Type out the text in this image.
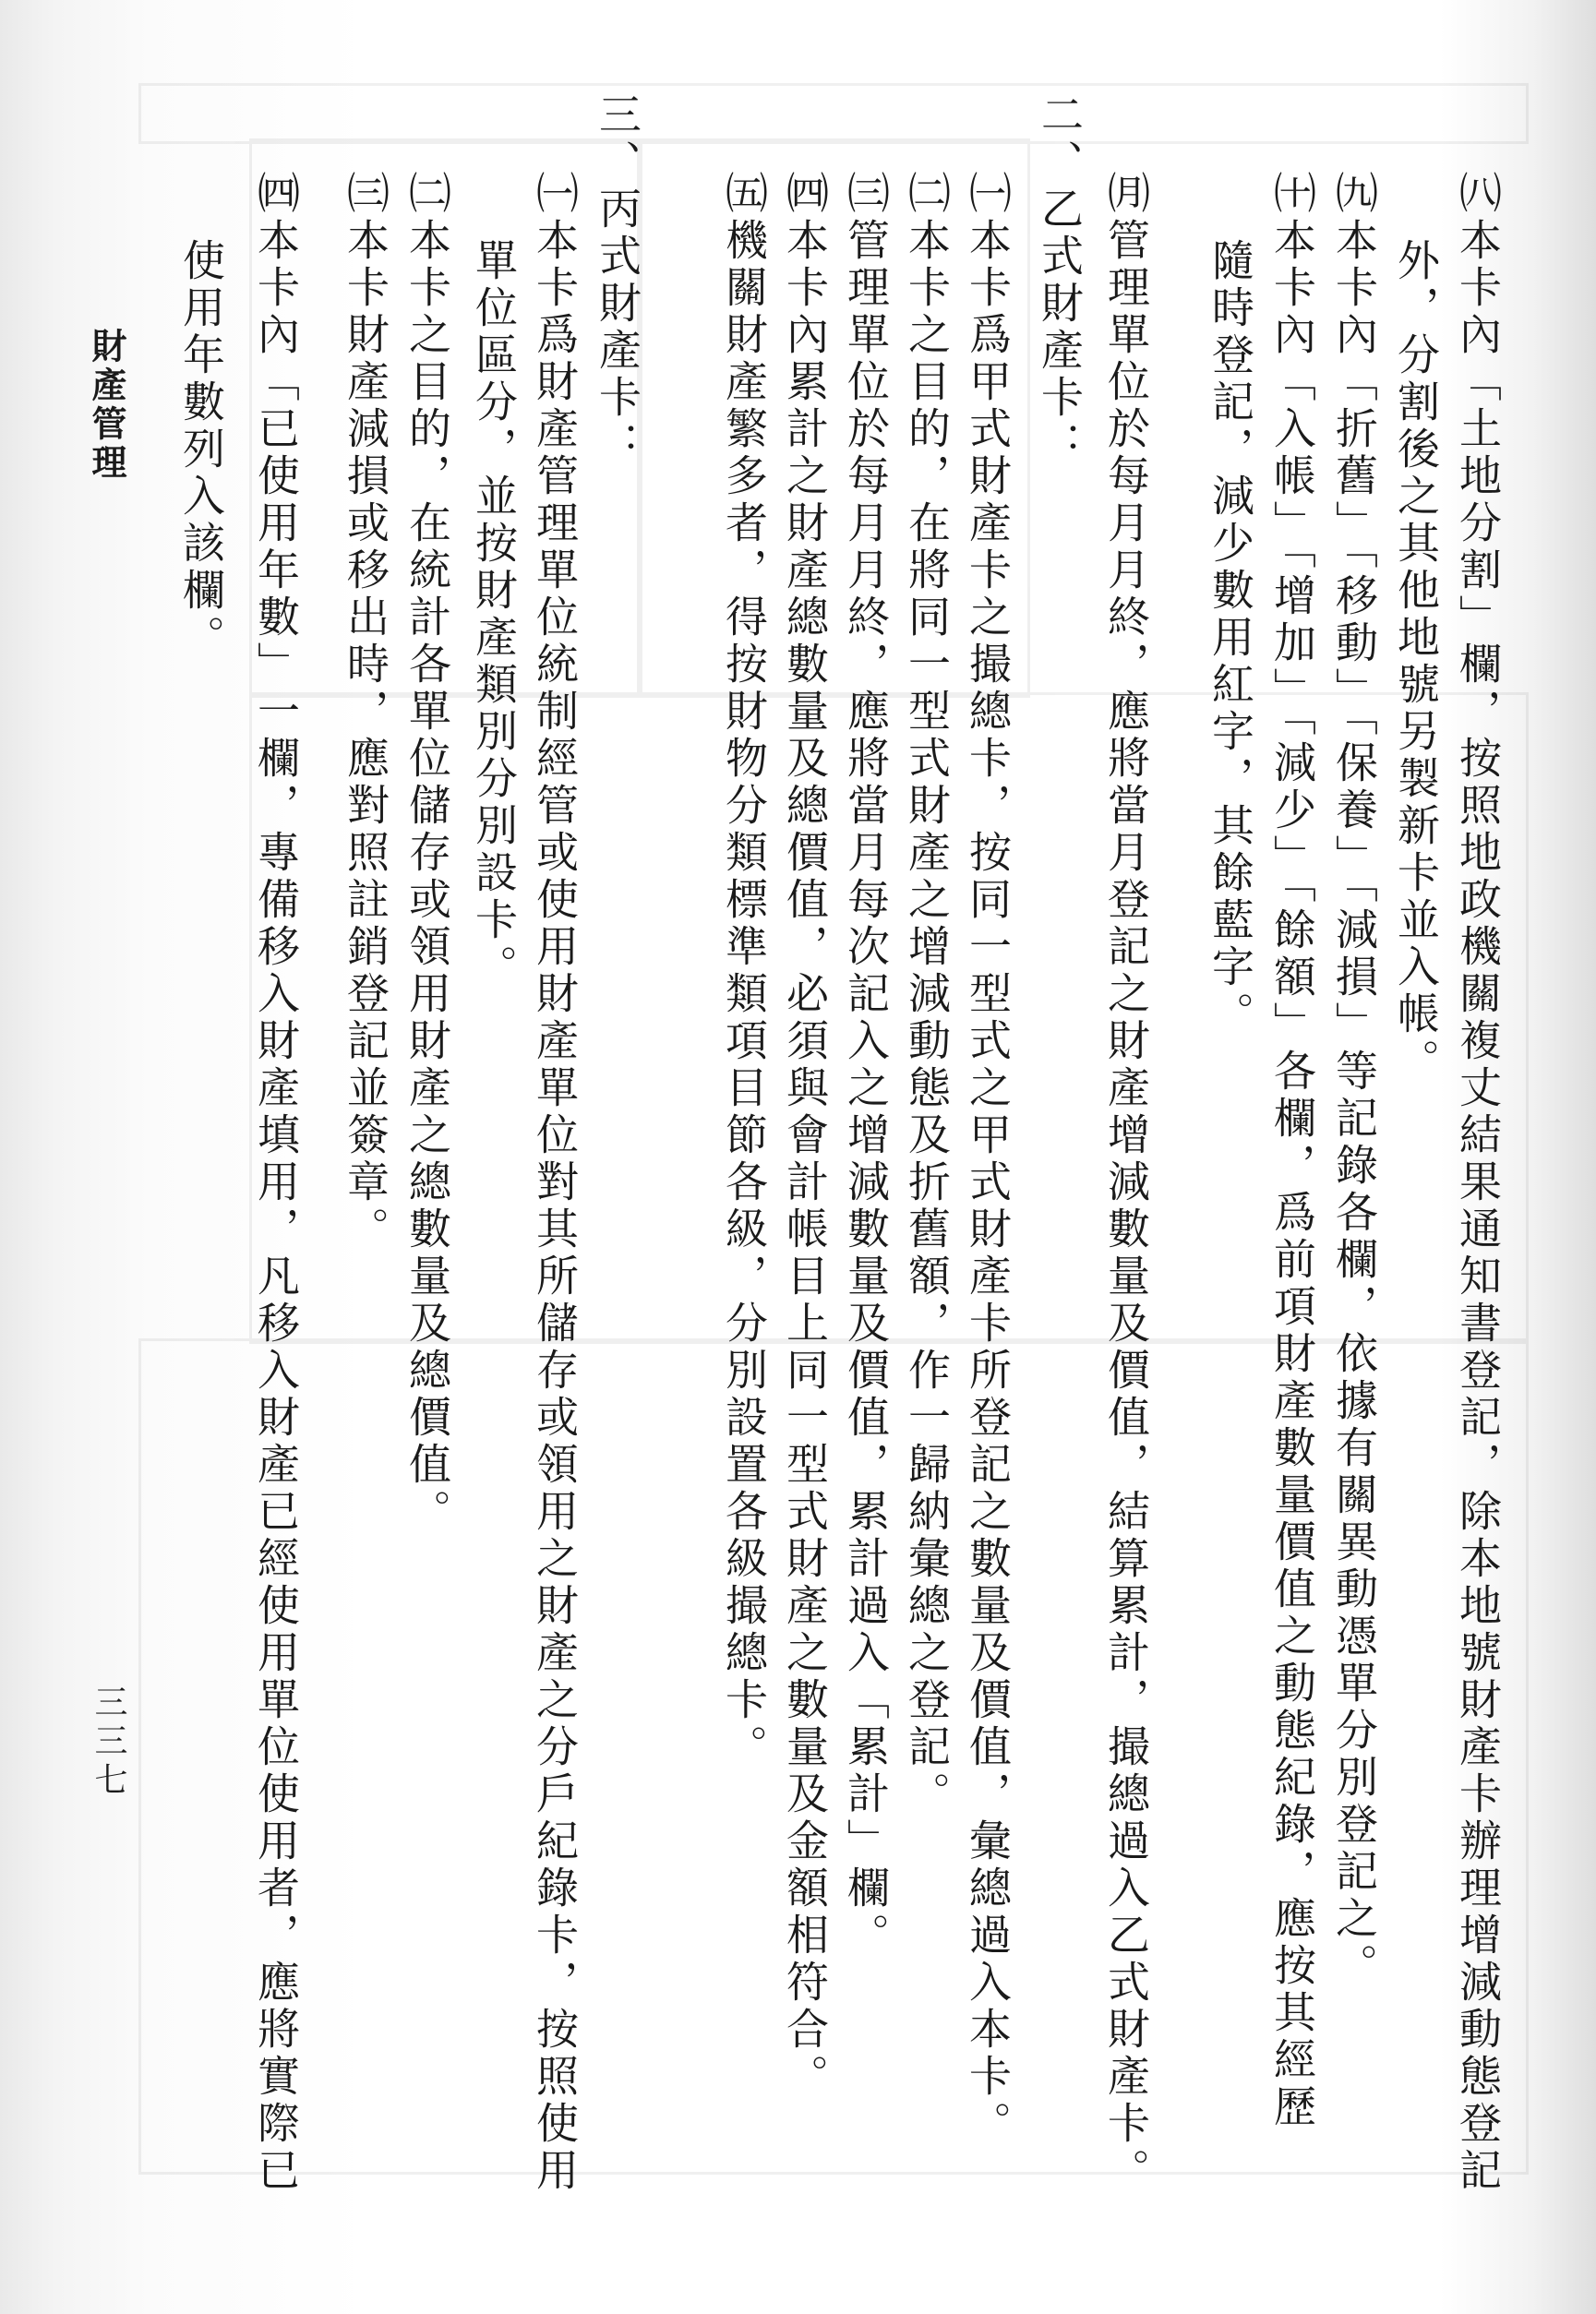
㈧本卡內「土地分割」欄，按照地政機關複丈結果通知書登記，除本地號財產卡辦理增減動態登記
外，分割後之其他地號另製新卡並入帳。
㈨本卡內「折舊」「移動」「保養」「減損」等記錄各欄，依據有關異動憑單分別登記之。
㈩本卡內「入帳」「增加」「減少」「餘額」各欄，爲前項財產數量價值之動態紀錄，應按其經歷
隨時登記，減少數用紅字，其餘藍字。
㈪管理單位於每月月終，應將當月登記之財產增減數量及價值，結算累計，撮總過入乙式財產卡。
二、乙式財產卡：
㈠本卡爲甲式財產卡之撮總卡，按同一型式之甲式財產卡所登記之數量及價值，彙總過入本卡。
㈡本卡之目的，在將同一型式財產之增減動態及折舊額，作一歸納彙總之登記。
㈢管理單位於每月月終，應將當月每次記入之增減數量及價值，累計過入「累計」欄。
㈣本卡內累計之財產總數量及總價值，必須與會計帳目上同一型式財產之數量及金額相符合。
㈤機關財產繁多者，得按財物分類標準類項目節各級，分別設置各級撮總卡。
三、丙式財產卡：
㈠本卡爲財產管理單位統制經管或使用財產單位對其所儲存或領用之財產之分戶紀錄卡，按照使用
單位區分，並按財產類別分別設卡。
㈡本卡之目的，在統計各單位儲存或領用財產之總數量及總價值。
㈢本卡財產減損或移出時，應對照註銷登記並簽章。
㈣本卡內「已使用年數」一欄，專備移入財產填用，凡移入財產已經使用單位使用者，應將實際已
使用年數列入該欄。
財產管理
三三七
